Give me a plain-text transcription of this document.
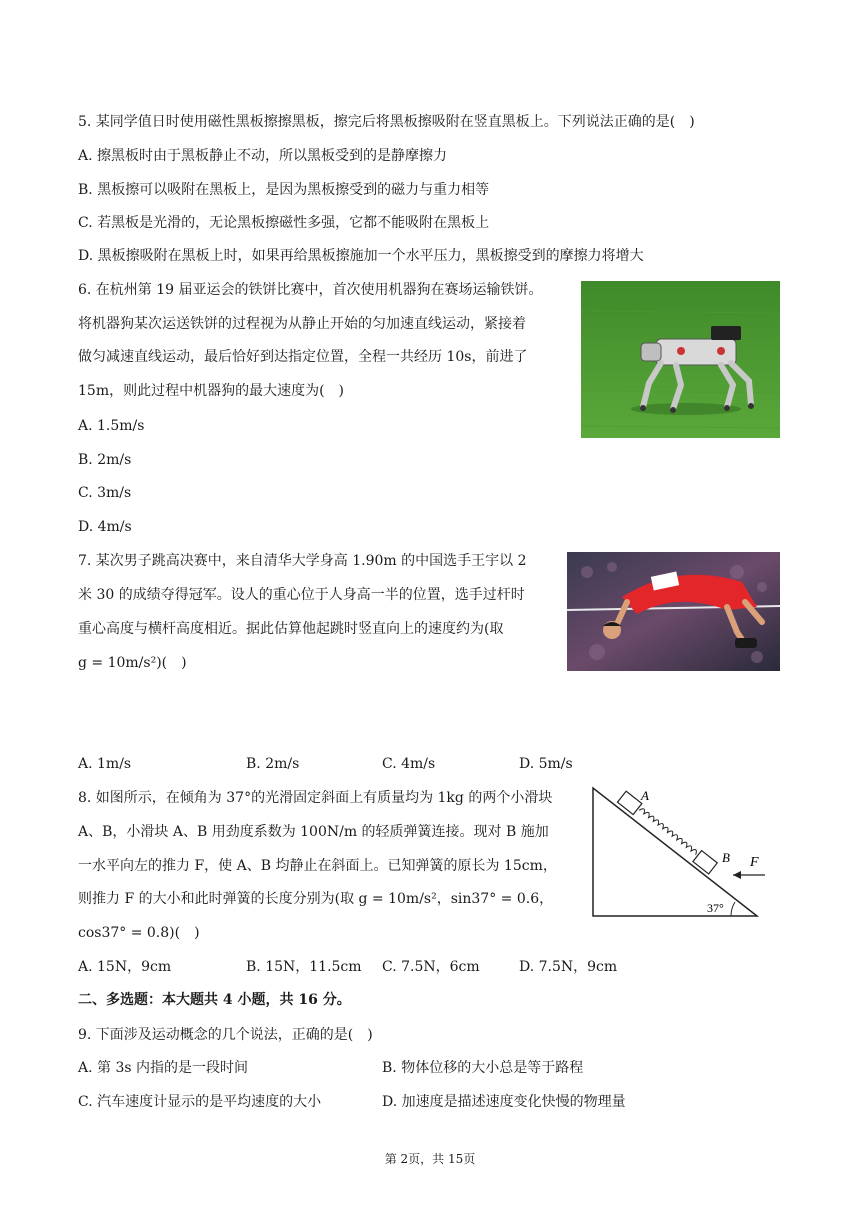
5. 某同学值日时使用磁性黑板擦擦黑板，擦完后将黑板擦吸附在竖直黑板上。下列说法正确的是(　)
A. 擦黑板时由于黑板静止不动，所以黑板受到的是静摩擦力
B. 黑板擦可以吸附在黑板上，是因为黑板擦受到的磁力与重力相等
C. 若黑板是光滑的，无论黑板擦磁性多强，它都不能吸附在黑板上
D. 黑板擦吸附在黑板上时，如果再给黑板擦施加一个水平压力，黑板擦受到的摩擦力将增大
6. 在杭州第 19 届亚运会的铁饼比赛中，首次使用机器狗在赛场运输铁饼。
将机器狗某次运送铁饼的过程视为从静止开始的匀加速直线运动，紧接着
做匀减速直线运动，最后恰好到达指定位置，全程一共经历 10s，前进了
15m，则此过程中机器狗的最大速度为(　)
A. 1.5m/s
B. 2m/s
C. 3m/s
D. 4m/s
7. 某次男子跳高决赛中，来自清华大学身高 1.90m 的中国选手王宇以 2
米 30 的成绩夺得冠军。设人的重心位于人身高一半的位置，选手过杆时
重心高度与横杆高度相近。据此估算他起跳时竖直向上的速度约为(取
g = 10m/s²)(　)
A. 1m/s	B. 2m/s	C. 4m/s	D. 5m/s
8. 如图所示，在倾角为 37°的光滑固定斜面上有质量均为 1kg 的两个小滑块
A、B，小滑块 A、B 用劲度系数为 100N/m 的轻质弹簧连接。现对 B 施加
一水平向左的推力 F，使 A、B 均静止在斜面上。已知弹簧的原长为 15cm，
则推力 F 的大小和此时弹簧的长度分别为(取 g = 10m/s²，sin37° = 0.6，
cos37° = 0.8)(　)
A
B F
37°
A. 15N，9cm	B. 15N，11.5cm C. 7.5N，6cm	D. 7.5N，9cm
二、多选题：本大题共 4 小题，共 16 分。
9. 下面涉及运动概念的几个说法，正确的是(　)
A. 第 3s 内指的是一段时间	B. 物体位移的大小总是等于路程
C. 汽车速度计显示的是平均速度的大小	D. 加速度是描述速度变化快慢的物理量
第 2页，共 15页
